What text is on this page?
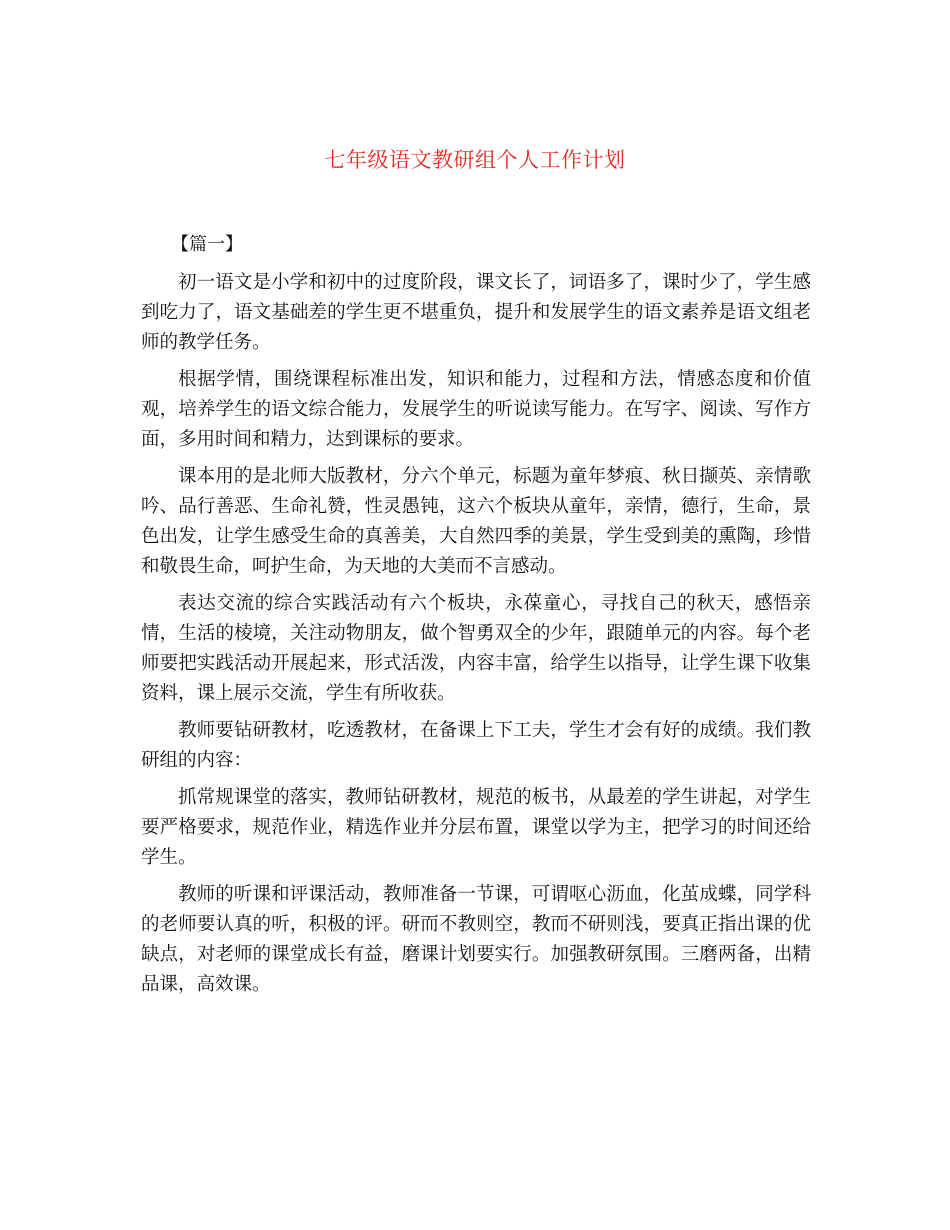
七年级语文教研组个人工作计划
【篇一】

初一语文是小学和初中的过度阶段，课文长了，词语多了，课时少了，学生感到吃力了，语文基础差的学生更不堪重负，提升和发展学生的语文素养是语文组老师的教学任务。

根据学情，围绕课程标准出发，知识和能力，过程和方法，情感态度和价值观，培养学生的语文综合能力，发展学生的听说读写能力。在写字、阅读、写作方面，多用时间和精力，达到课标的要求。

课本用的是北师大版教材，分六个单元，标题为童年梦痕、秋日撷英、亲情歌吟、品行善恶、生命礼赞，性灵愚钝，这六个板块从童年，亲情，德行，生命，景色出发，让学生感受生命的真善美，大自然四季的美景，学生受到美的熏陶，珍惜和敬畏生命，呵护生命，为天地的大美而不言感动。

表达交流的综合实践活动有六个板块，永葆童心，寻找自己的秋天，感悟亲情，生活的棱境，关注动物朋友，做个智勇双全的少年，跟随单元的内容。每个老师要把实践活动开展起来，形式活泼，内容丰富，给学生以指导，让学生课下收集资料，课上展示交流，学生有所收获。

教师要钻研教材，吃透教材，在备课上下工夫，学生才会有好的成绩。我们教研组的内容：

抓常规课堂的落实，教师钻研教材，规范的板书，从最差的学生讲起，对学生要严格要求，规范作业，精选作业并分层布置，课堂以学为主，把学习的时间还给学生。

教师的听课和评课活动，教师准备一节课，可谓呕心沥血，化茧成蝶，同学科的老师要认真的听，积极的评。研而不教则空，教而不研则浅，要真正指出课的优缺点，对老师的课堂成长有益，磨课计划要实行。加强教研氛围。三磨两备，出精品课，高效课。
